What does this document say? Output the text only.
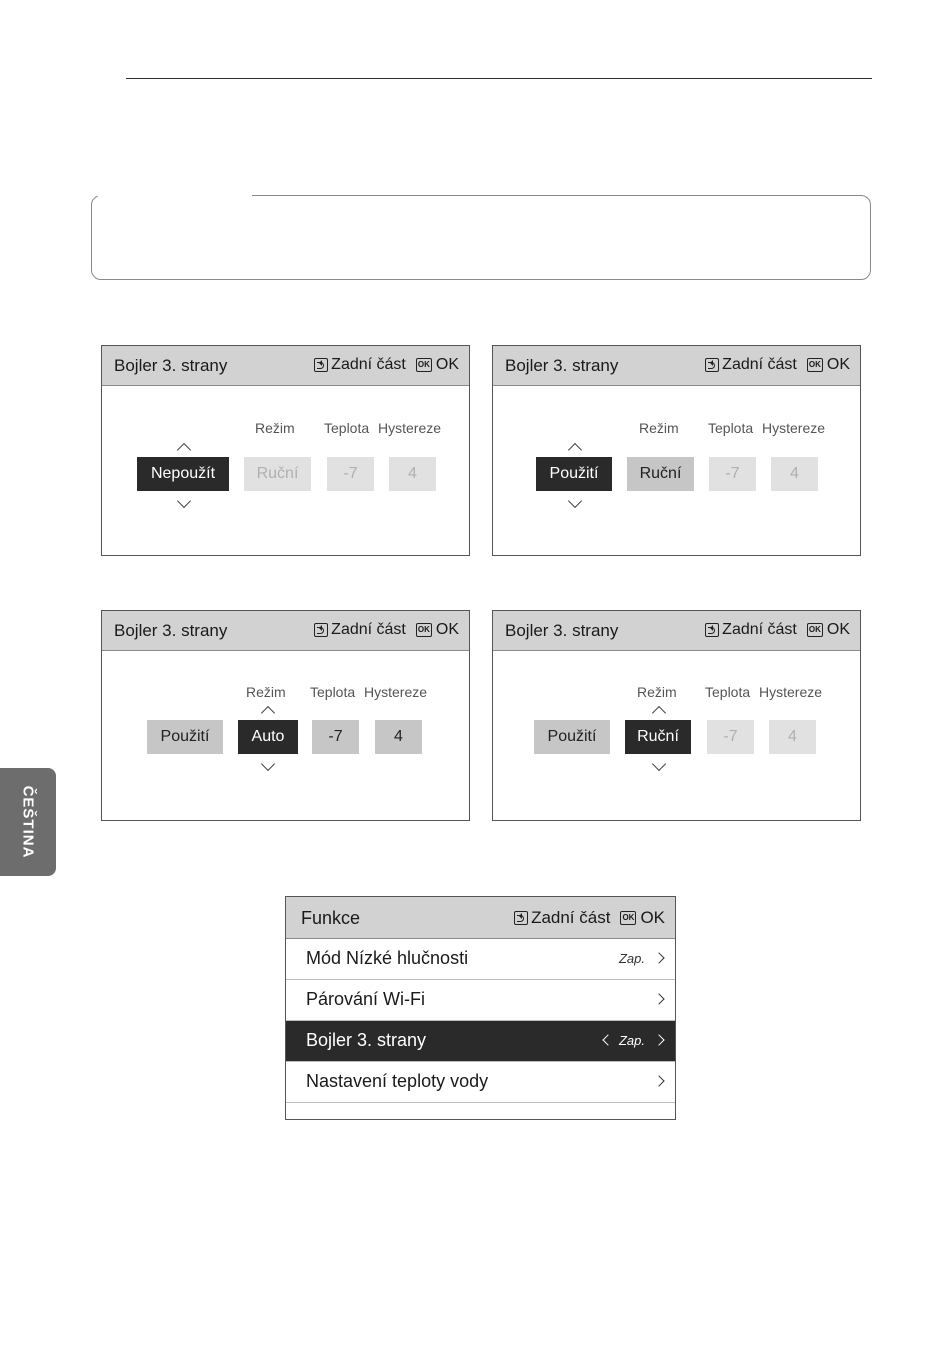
ČEŠTINA
Bojler 3. strany	Zadní část OK OK
Režim Teplota Hystereze
Nepoužít	Ruční	-7	4
Bojler 3. strany	Zadní část OK OK
Režim Teplota Hystereze
Použití	Ruční	-7	4
Bojler 3. strany	Zadní část OK OK
Režim Teplota Hystereze
Použití	Auto	-7	4
Bojler 3. strany	Zadní část OK OK
Režim Teplota Hystereze
Použití	Ruční	-7	4
Funkce	Zadní část OK OK
Mód Nízké hlučnosti	Zap.
Párování Wi-Fi
Bojler 3. strany	Zap.
Nastavení teploty vody
